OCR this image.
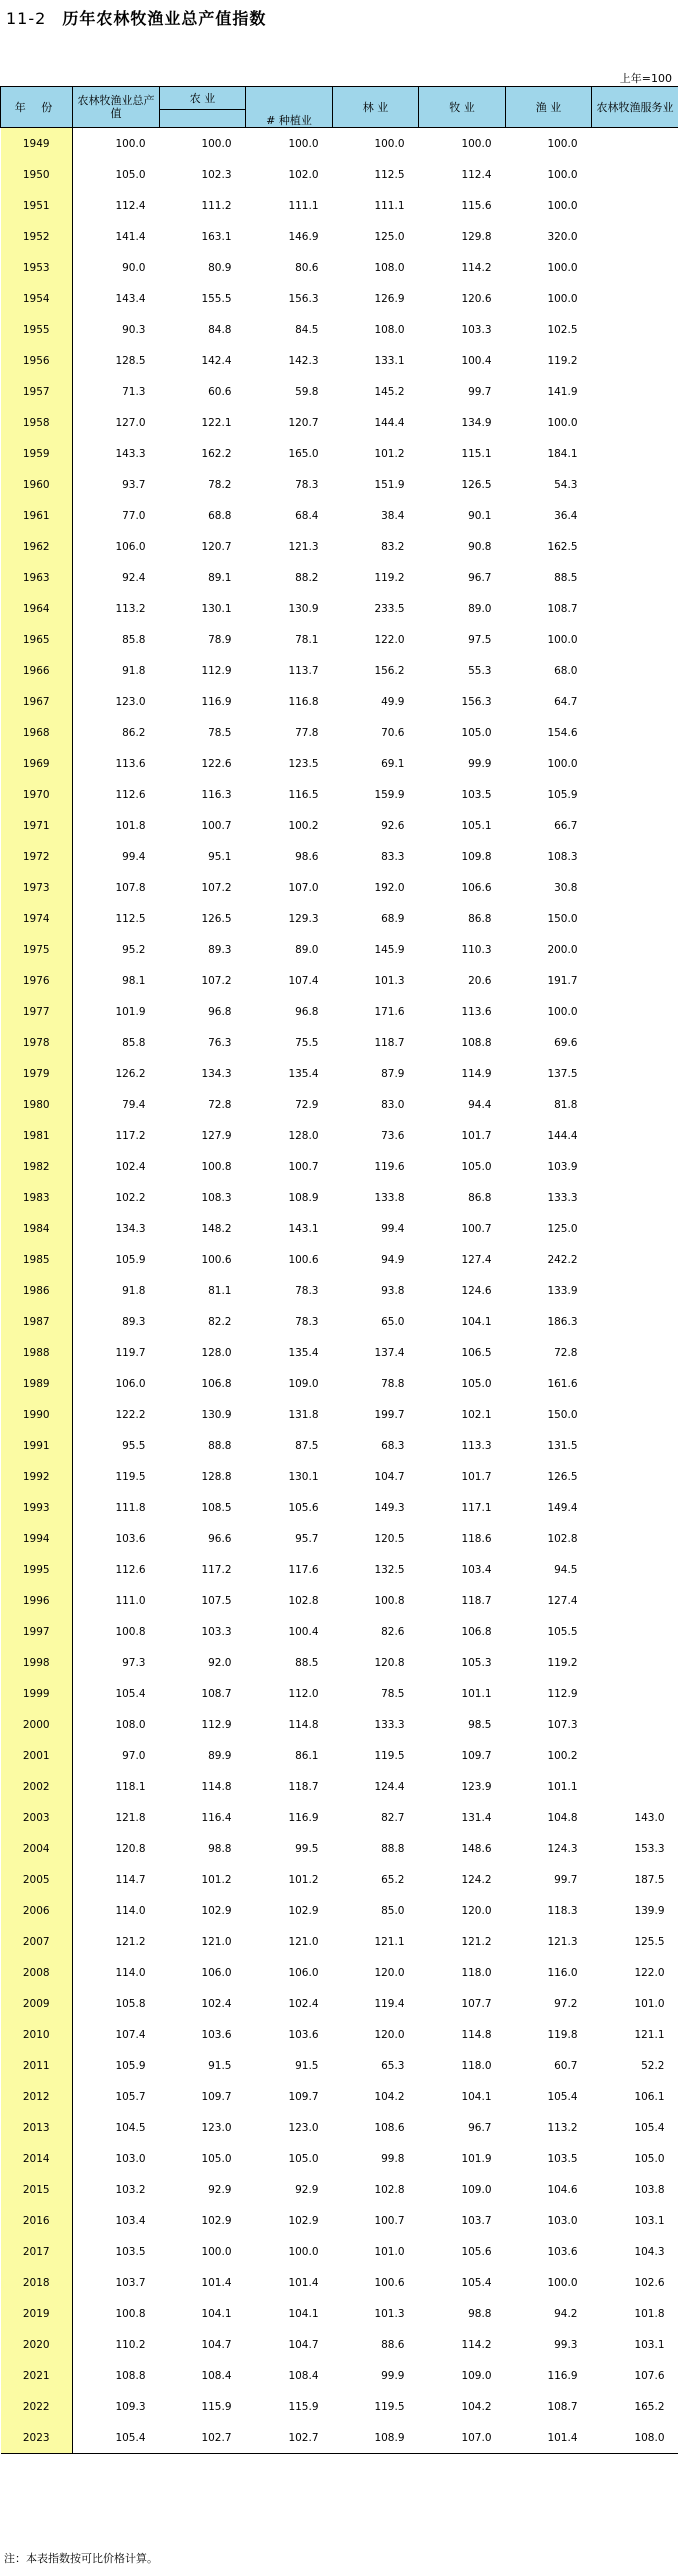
11-2 历年农林牧渔业总产值指数
上年=100
年 份	农林牧渔业总产值	农 业	# 种植业	林 业	牧 业	渔 业	农林牧渔服务业

1949	100.0	100.0	100.0	100.0	100.0	100.0	
1950	105.0	102.3	102.0	112.5	112.4	100.0	
1951	112.4	111.2	111.1	111.1	115.6	100.0	
1952	141.4	163.1	146.9	125.0	129.8	320.0	
1953	90.0	80.9	80.6	108.0	114.2	100.0	
1954	143.4	155.5	156.3	126.9	120.6	100.0	
1955	90.3	84.8	84.5	108.0	103.3	102.5	
1956	128.5	142.4	142.3	133.1	100.4	119.2	
1957	71.3	60.6	59.8	145.2	99.7	141.9	
1958	127.0	122.1	120.7	144.4	134.9	100.0	
1959	143.3	162.2	165.0	101.2	115.1	184.1	
1960	93.7	78.2	78.3	151.9	126.5	54.3	
1961	77.0	68.8	68.4	38.4	90.1	36.4	
1962	106.0	120.7	121.3	83.2	90.8	162.5	
1963	92.4	89.1	88.2	119.2	96.7	88.5	
1964	113.2	130.1	130.9	233.5	89.0	108.7	
1965	85.8	78.9	78.1	122.0	97.5	100.0	
1966	91.8	112.9	113.7	156.2	55.3	68.0	
1967	123.0	116.9	116.8	49.9	156.3	64.7	
1968	86.2	78.5	77.8	70.6	105.0	154.6	
1969	113.6	122.6	123.5	69.1	99.9	100.0	
1970	112.6	116.3	116.5	159.9	103.5	105.9	
1971	101.8	100.7	100.2	92.6	105.1	66.7	
1972	99.4	95.1	98.6	83.3	109.8	108.3	
1973	107.8	107.2	107.0	192.0	106.6	30.8	
1974	112.5	126.5	129.3	68.9	86.8	150.0	
1975	95.2	89.3	89.0	145.9	110.3	200.0	
1976	98.1	107.2	107.4	101.3	20.6	191.7	
1977	101.9	96.8	96.8	171.6	113.6	100.0	
1978	85.8	76.3	75.5	118.7	108.8	69.6	
1979	126.2	134.3	135.4	87.9	114.9	137.5	
1980	79.4	72.8	72.9	83.0	94.4	81.8	
1981	117.2	127.9	128.0	73.6	101.7	144.4	
1982	102.4	100.8	100.7	119.6	105.0	103.9	
1983	102.2	108.3	108.9	133.8	86.8	133.3	
1984	134.3	148.2	143.1	99.4	100.7	125.0	
1985	105.9	100.6	100.6	94.9	127.4	242.2	
1986	91.8	81.1	78.3	93.8	124.6	133.9	
1987	89.3	82.2	78.3	65.0	104.1	186.3	
1988	119.7	128.0	135.4	137.4	106.5	72.8	
1989	106.0	106.8	109.0	78.8	105.0	161.6	
1990	122.2	130.9	131.8	199.7	102.1	150.0	
1991	95.5	88.8	87.5	68.3	113.3	131.5	
1992	119.5	128.8	130.1	104.7	101.7	126.5	
1993	111.8	108.5	105.6	149.3	117.1	149.4	
1994	103.6	96.6	95.7	120.5	118.6	102.8	
1995	112.6	117.2	117.6	132.5	103.4	94.5	
1996	111.0	107.5	102.8	100.8	118.7	127.4	
1997	100.8	103.3	100.4	82.6	106.8	105.5	
1998	97.3	92.0	88.5	120.8	105.3	119.2	
1999	105.4	108.7	112.0	78.5	101.1	112.9	
2000	108.0	112.9	114.8	133.3	98.5	107.3	
2001	97.0	89.9	86.1	119.5	109.7	100.2	
2002	118.1	114.8	118.7	124.4	123.9	101.1	
2003	121.8	116.4	116.9	82.7	131.4	104.8	143.0
2004	120.8	98.8	99.5	88.8	148.6	124.3	153.3
2005	114.7	101.2	101.2	65.2	124.2	99.7	187.5
2006	114.0	102.9	102.9	85.0	120.0	118.3	139.9
2007	121.2	121.0	121.0	121.1	121.2	121.3	125.5
2008	114.0	106.0	106.0	120.0	118.0	116.0	122.0
2009	105.8	102.4	102.4	119.4	107.7	97.2	101.0
2010	107.4	103.6	103.6	120.0	114.8	119.8	121.1
2011	105.9	91.5	91.5	65.3	118.0	60.7	52.2
2012	105.7	109.7	109.7	104.2	104.1	105.4	106.1
2013	104.5	123.0	123.0	108.6	96.7	113.2	105.4
2014	103.0	105.0	105.0	99.8	101.9	103.5	105.0
2015	103.2	92.9	92.9	102.8	109.0	104.6	103.8
2016	103.4	102.9	102.9	100.7	103.7	103.0	103.1
2017	103.5	100.0	100.0	101.0	105.6	103.6	104.3
2018	103.7	101.4	101.4	100.6	105.4	100.0	102.6
2019	100.8	104.1	104.1	101.3	98.8	94.2	101.8
2020	110.2	104.7	104.7	88.6	114.2	99.3	103.1
2021	108.8	108.4	108.4	99.9	109.0	116.9	107.6
2022	109.3	115.9	115.9	119.5	104.2	108.7	165.2
2023	105.4	102.7	102.7	108.9	107.0	101.4	108.0
注：本表指数按可比价格计算。
